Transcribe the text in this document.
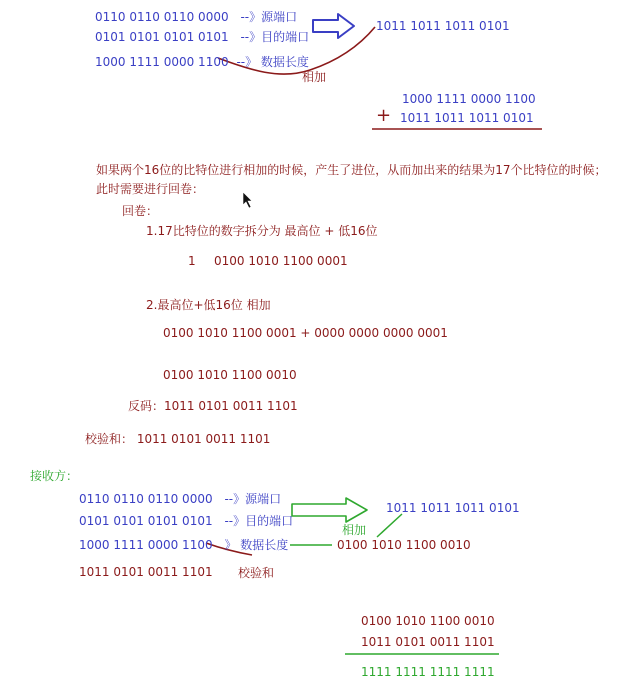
0110 0110 0110 0000 --》源端口
0101 0101 0101 0101 --》目的端口
1000 1111 0000 1100 --》 数据长度
相加
1011 1011 1011 0101
1000 1111 0000 1100
+ 1011 1011 1011 0101
如果两个16位的比特位进行相加的时候，产生了进位，从而加出来的结果为17个比特位的时候；
此时需要进行回卷：
回卷：
1.17比特位的数字拆分为 最高位 + 低16位
1 0100 1010 1100 0001
2.最高位+低16位 相加
0100 1010 1100 0001 + 0000 0000 0000 0001
0100 1010 1100 0010
反码：1011 0101 0011 1101
校验和： 1011 0101 0011 1101
接收方：
0110 0110 0110 0000 --》源端口
0101 0101 0101 0101 --》目的端口
1000 1111 0000 1100 》 数据长度
1011 0101 0011 1101 校验和
相加
1011 1011 1011 0101
0100 1010 1100 0010
0100 1010 1100 0010
1011 0101 0011 1101
1111 1111 1111 1111
